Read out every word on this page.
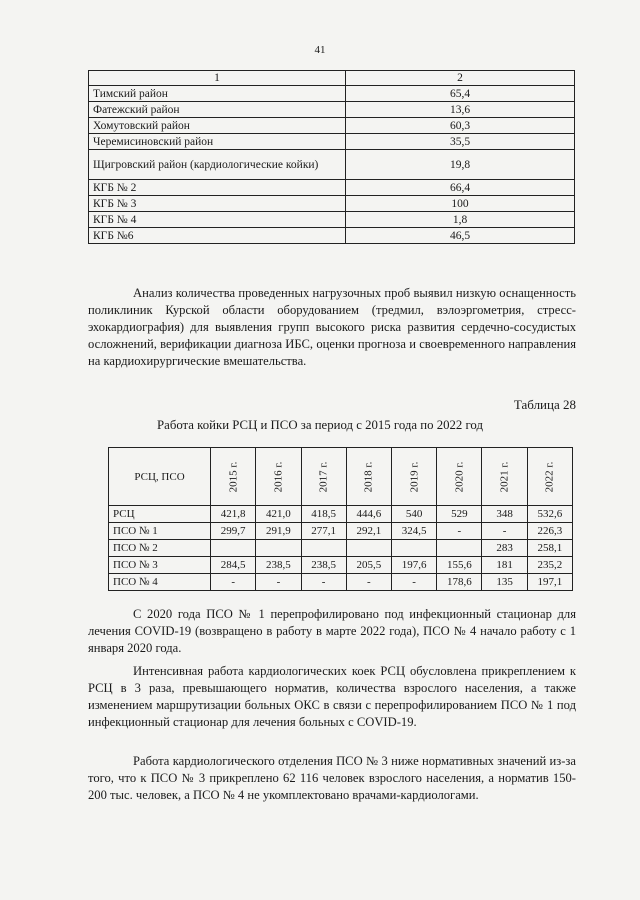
41
1	2
Тимский район	65,4
Фатежский район	13,6
Хомутовский район	60,3
Черемисиновский район	35,5
Щигровский район (кардиологические койки)	19,8
КГБ № 2	66,4
КГБ № 3	100
КГБ № 4	1,8
КГБ №6	46,5

Анализ количества проведенных нагрузочных проб выявил низкую оснащенность поликлиник Курской области оборудованием (тредмил, вэлоэргометрия, стресс-эхокардиография) для выявления групп высокого риска развития сердечно-сосудистых осложнений, верификации диагноза ИБС, оценки прогноза и своевременного направления на кардиохирургические вмешательства.

Таблица 28
Работа койки РСЦ и ПСО за период с 2015 года по 2022 год
РСЦ, ПСО	2015 г.	2016 г.	2017 г.	2018 г.	2019 г.	2020 г.	2021 г.	2022 г.
РСЦ	421,8	421,0	418,5	444,6	540	529	348	532,6
ПСО № 1	299,7	291,9	277,1	292,1	324,5	-	-	226,3
ПСО № 2							283	258,1
ПСО № 3	284,5	238,5	238,5	205,5	197,6	155,6	181	235,2
ПСО № 4	-	-	-	-	-	178,6	135	197,1

С 2020 года ПСО № 1 перепрофилировано под инфекционный стационар для лечения COVID-19 (возвращено в работу в марте 2022 года), ПСО № 4 начало работу с 1 января 2020 года.

Интенсивная работа кардиологических коек РСЦ обусловлена прикреплением к РСЦ в 3 раза, превышающего норматив, количества взрослого населения, а также изменением маршрутизации больных ОКС в связи с перепрофилированием ПСО № 1 под инфекционный стационар для лечения больных с COVID-19.

Работа кардиологического отделения ПСО № 3 ниже нормативных значений из-за того, что к ПСО № 3 прикреплено 62 116 человек взрослого населения, а норматив 150-200 тыс. человек, а ПСО № 4 не укомплектовано врачами-кардиологами.
